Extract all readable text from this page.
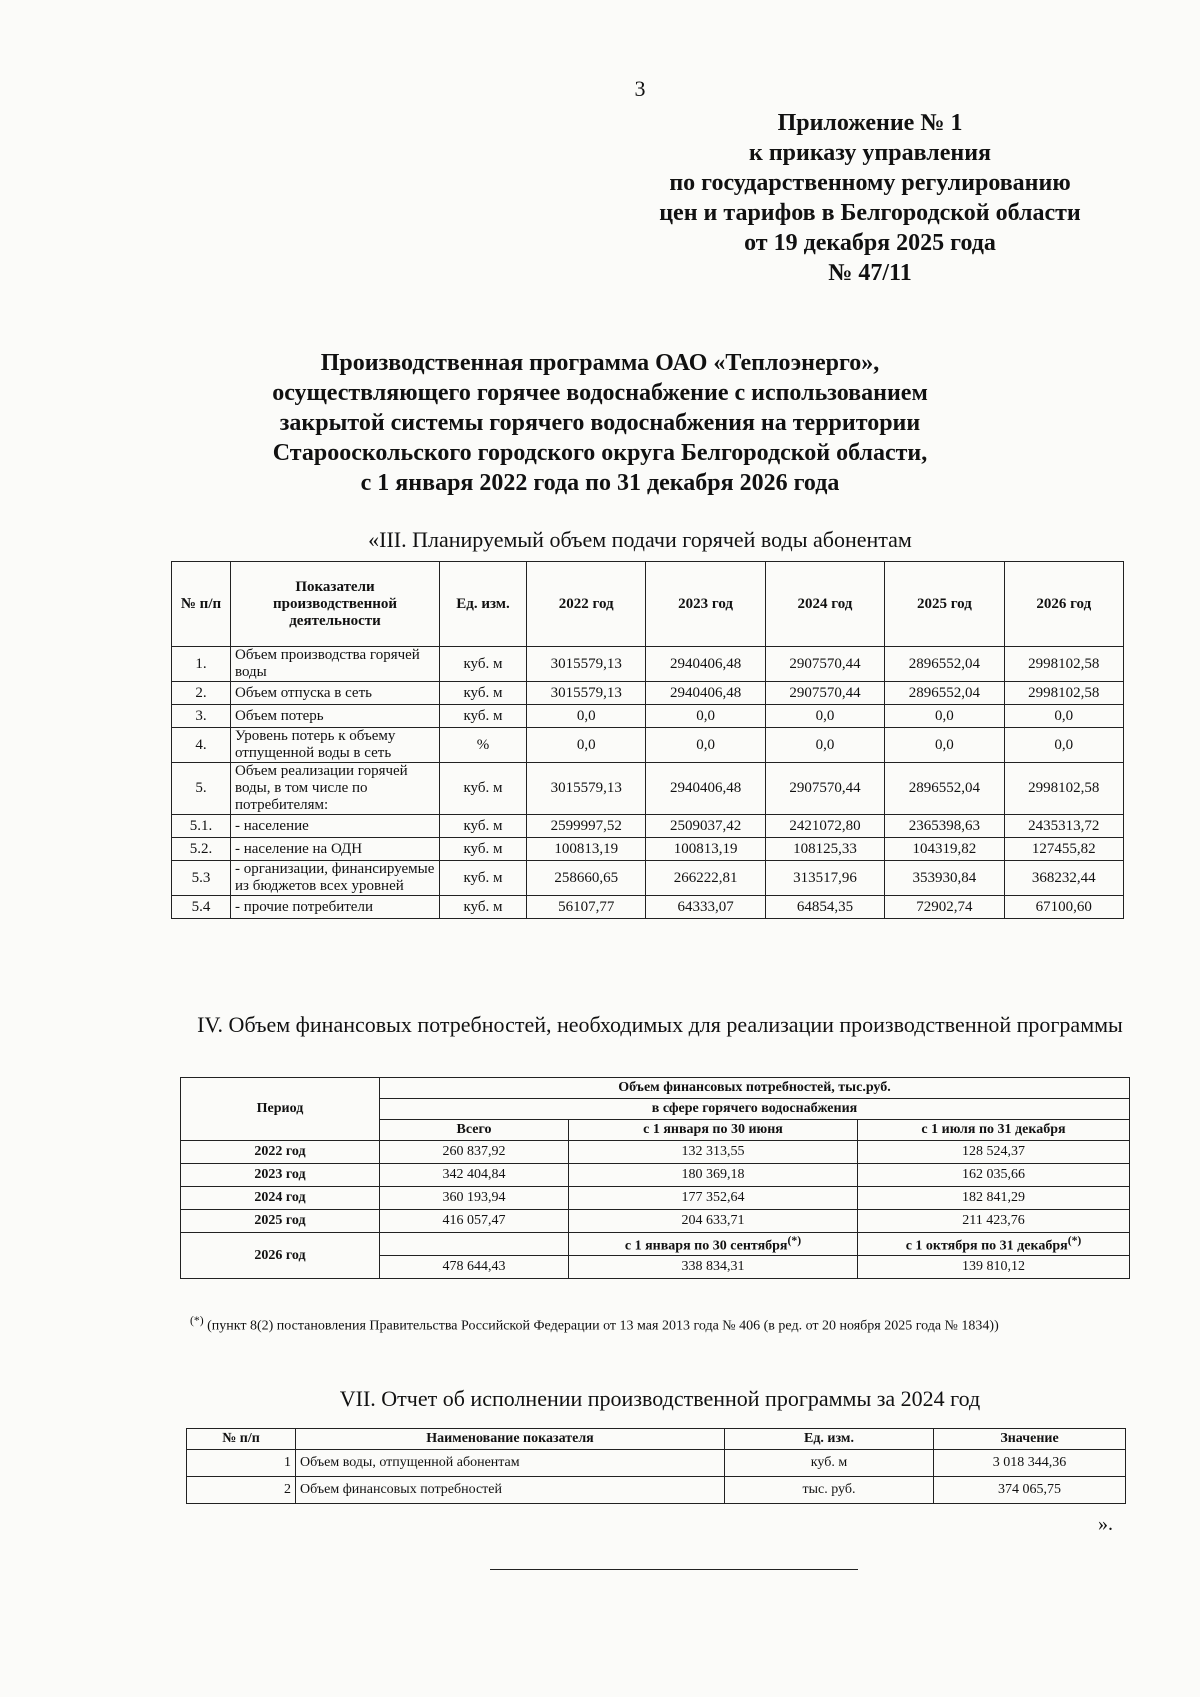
3
Приложение № 1
к приказу управления
по государственному регулированию
цен и тарифов в Белгородской области
от 19 декабря 2025 года
№ 47/11
Производственная программа ОАО «Теплоэнерго»,
осуществляющего горячее водоснабжение с использованием
закрытой системы горячего водоснабжения на территории
Старооскольского городского округа Белгородской области,
с 1 января 2022 года по 31 декабря 2026 года
«III. Планируемый объем подачи горячей воды абонентам
№ п/п	Показатели производственной деятельности	Ед. изм.	2022 год	2023 год	2024 год	2025 год	2026 год
1.	Объем производства горячей воды	куб. м	3015579,13	2940406,48	2907570,44	2896552,04	2998102,58
2.	Объем отпуска в сеть	куб. м	3015579,13	2940406,48	2907570,44	2896552,04	2998102,58
3.	Объем потерь	куб. м	0,0	0,0	0,0	0,0	0,0
4.	Уровень потерь к объему отпущенной воды в сеть	%	0,0	0,0	0,0	0,0	0,0
5.	Объем реализации горячей воды, в том числе по потребителям:	куб. м	3015579,13	2940406,48	2907570,44	2896552,04	2998102,58
5.1.	- население	куб. м	2599997,52	2509037,42	2421072,80	2365398,63	2435313,72
5.2.	- население на ОДН	куб. м	100813,19	100813,19	108125,33	104319,82	127455,82
5.3	- организации, финансируемые из бюджетов всех уровней	куб. м	258660,65	266222,81	313517,96	353930,84	368232,44
5.4	- прочие потребители	куб. м	56107,77	64333,07	64854,35	72902,74	67100,60
IV. Объем финансовых потребностей, необходимых для реализации производственной программы
Период	Объем финансовых потребностей, тыс.руб.		
	в сфере горячего водоснабжения		
	Всего	с 1 января по 30 июня	с 1 июля по 31 декабря
2022 год	260 837,92	132 313,55	128 524,37
2023 год	342 404,84	180 369,18	162 035,66
2024 год	360 193,94	177 352,64	182 841,29
2025 год	416 057,47	204 633,71	211 423,76
2026 год		с 1 января по 30 сентября(*)	с 1 октября по 31 декабря(*)
	478 644,43	338 834,31	139 810,12
(*) (пункт 8(2) постановления Правительства Российской Федерации от 13 мая 2013 года № 406 (в ред. от 20 ноября 2025 года № 1834))
VII. Отчет об исполнении производственной программы за 2024 год
№ п/п	Наименование показателя	Ед. изм.	Значение
1	Объем воды, отпущенной абонентам	куб. м	3 018 344,36
2	Объем финансовых потребностей	тыс. руб.	374 065,75
».
